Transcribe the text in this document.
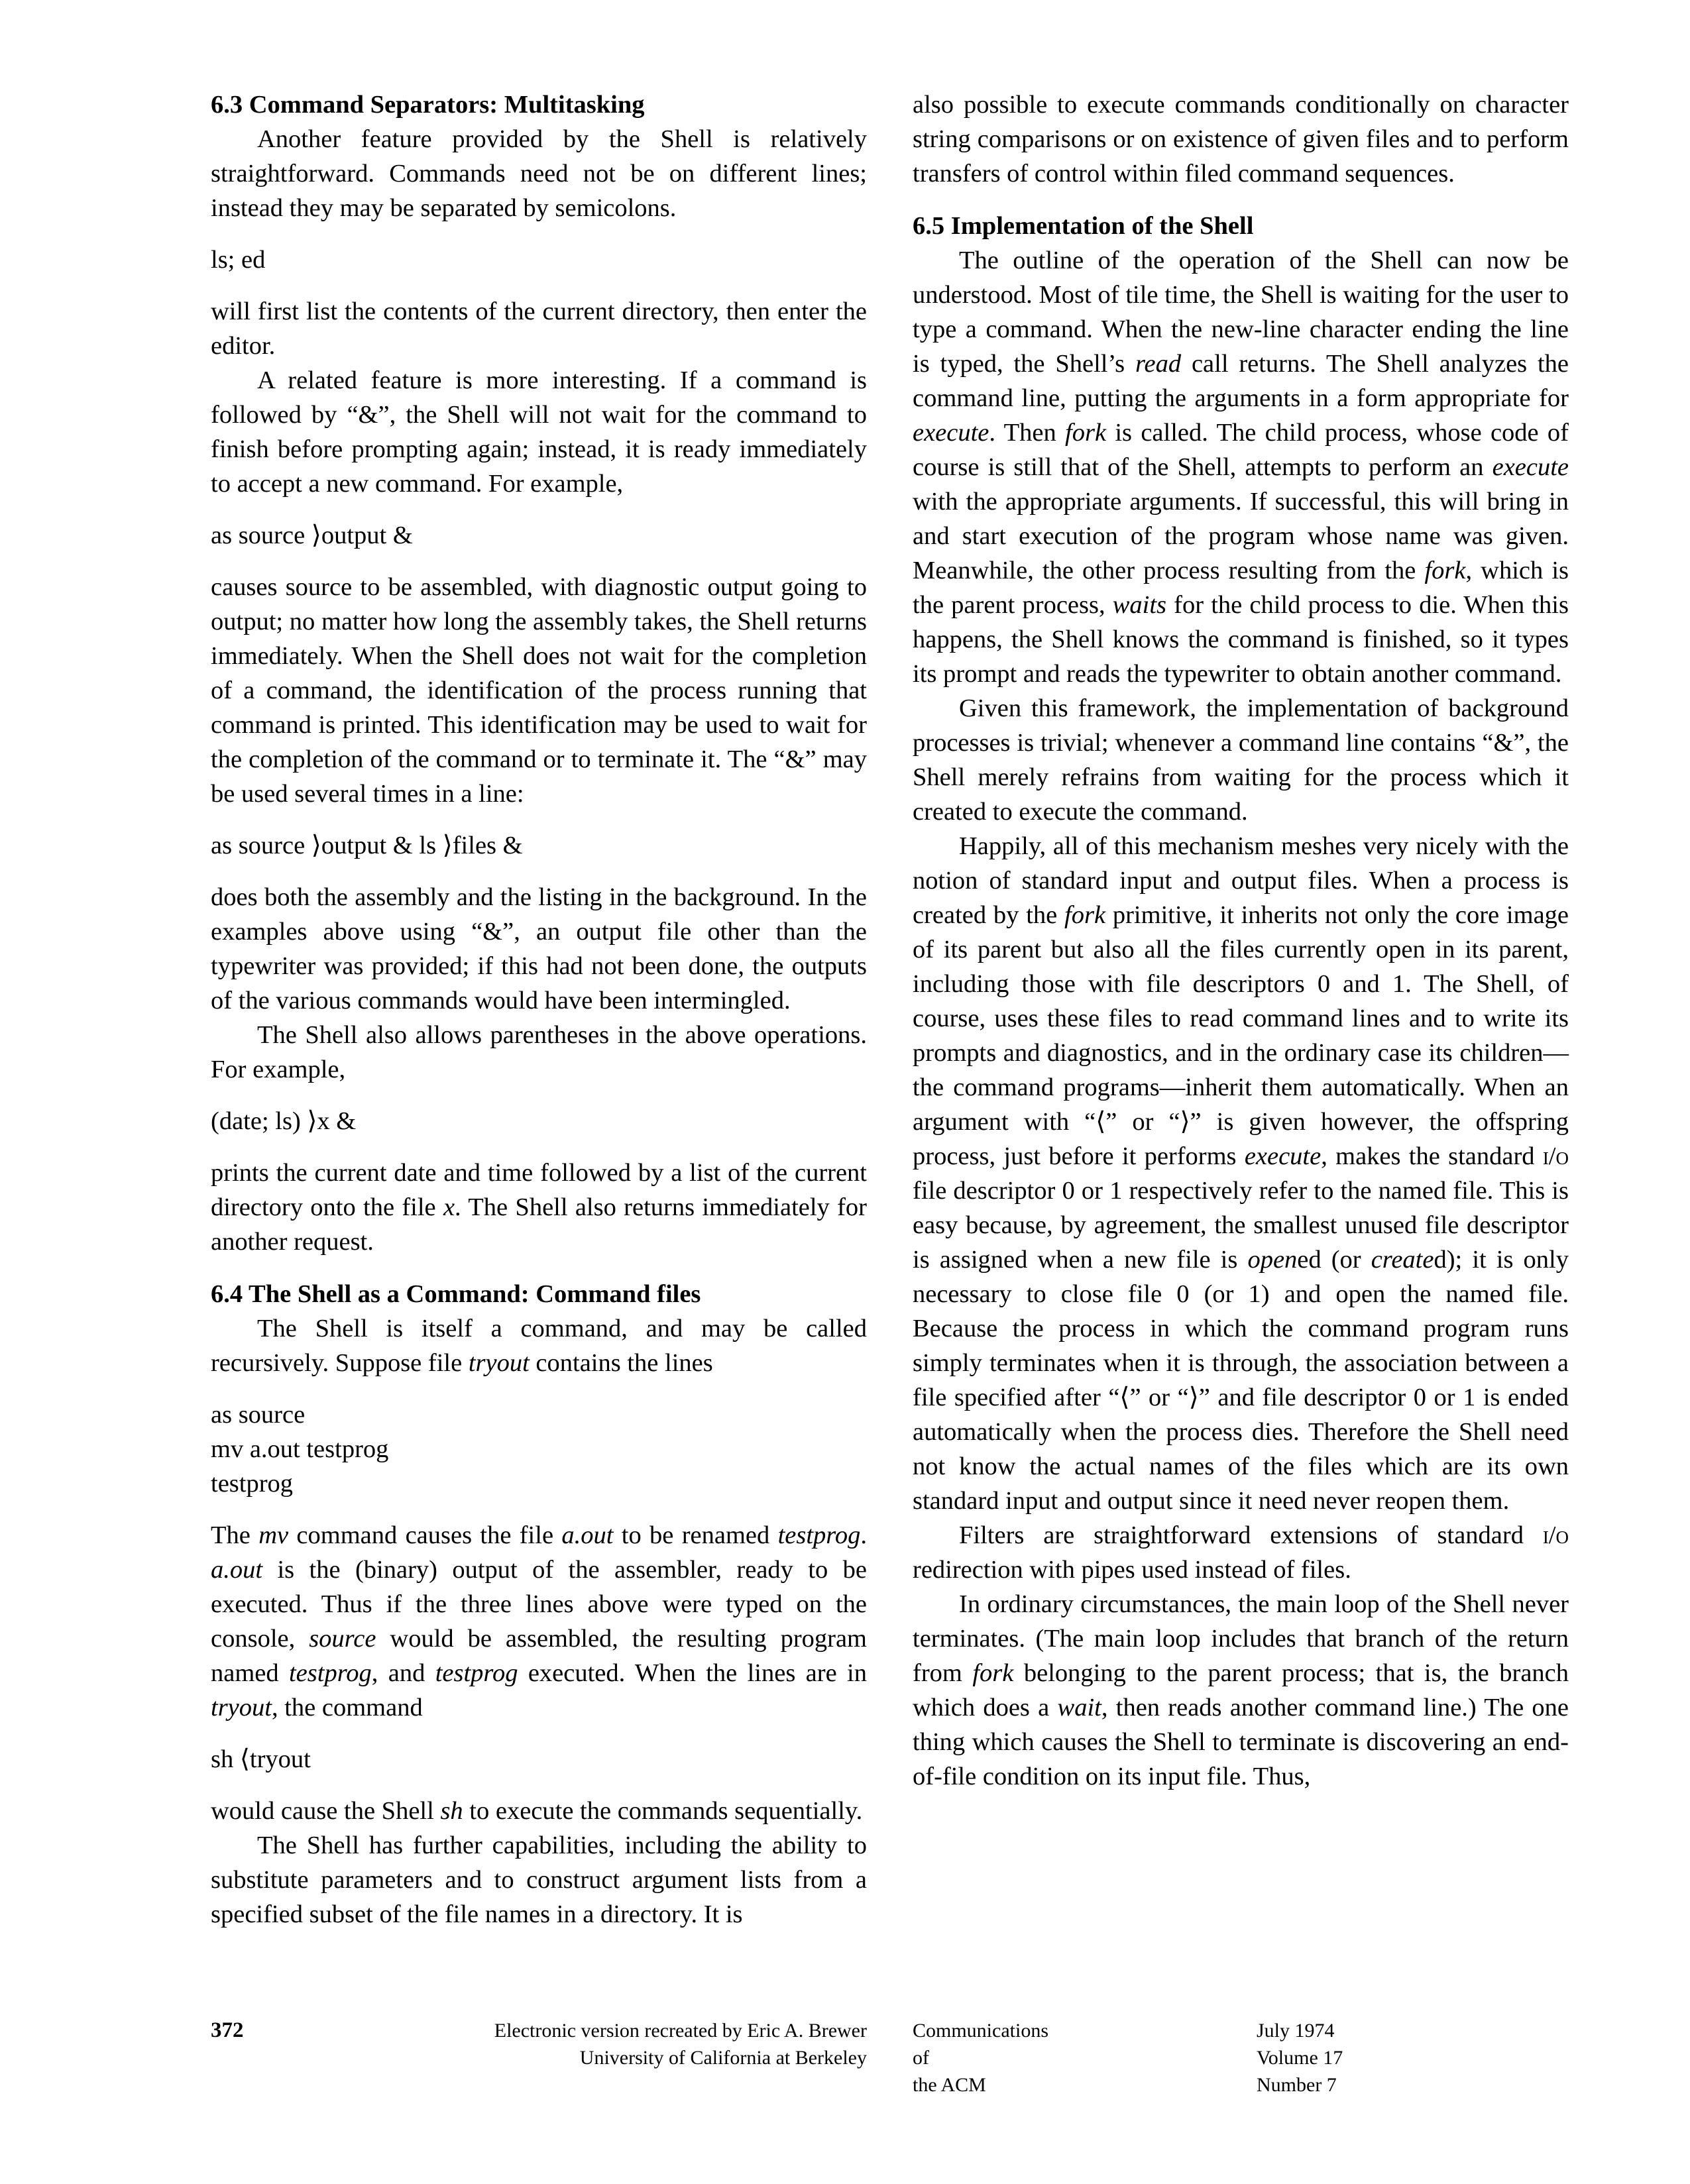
6.3 Command Separators: Multitasking

Another feature provided by the Shell is relatively straightforward. Commands need not be on different lines; instead they may be separated by semicolons.

ls; ed

will first list the contents of the current directory, then enter the editor.

A related feature is more interesting. If a command is followed by “&”, the Shell will not wait for the command to finish before prompting again; instead, it is ready immediately to accept a new command. For example,

as source ⟩output &

causes source to be assembled, with diagnostic output going to output; no matter how long the assembly takes, the Shell returns immediately. When the Shell does not wait for the completion of a command, the identification of the process running that command is printed. This identification may be used to wait for the completion of the command or to terminate it. The “&” may be used several times in a line:

as source ⟩output & ls ⟩files &

does both the assembly and the listing in the background. In the examples above using “&”, an output file other than the typewriter was provided; if this had not been done, the outputs of the various commands would have been intermingled.

The Shell also allows parentheses in the above operations. For example,

(date; ls) ⟩x &

prints the current date and time followed by a list of the current directory onto the file x. The Shell also returns immediately for another request.

6.4 The Shell as a Command: Command files

The Shell is itself a command, and may be called recursively. Suppose file tryout contains the lines

as source
mv a.out testprog
testprog

The mv command causes the file a.out to be renamed testprog. a.out is the (binary) output of the assembler, ready to be executed. Thus if the three lines above were typed on the console, source would be assembled, the resulting program named testprog, and testprog executed. When the lines are in tryout, the command

sh ⟨tryout

would cause the Shell sh to execute the commands sequentially.

The Shell has further capabilities, including the ability to substitute parameters and to construct argument lists from a specified subset of the file names in a directory. It is

also possible to execute commands conditionally on character string comparisons or on existence of given files and to perform transfers of control within filed command sequences.

6.5 Implementation of the Shell

The outline of the operation of the Shell can now be understood. Most of tile time, the Shell is waiting for the user to type a command. When the new-line character ending the line is typed, the Shell’s read call returns. The Shell analyzes the command line, putting the arguments in a form appropriate for execute. Then fork is called. The child process, whose code of course is still that of the Shell, attempts to perform an execute with the appropriate arguments. If successful, this will bring in and start execution of the program whose name was given. Meanwhile, the other process resulting from the fork, which is the parent process, waits for the child process to die. When this happens, the Shell knows the command is finished, so it types its prompt and reads the typewriter to obtain another command.

Given this framework, the implementation of background processes is trivial; whenever a command line contains “&”, the Shell merely refrains from waiting for the process which it created to execute the command.

Happily, all of this mechanism meshes very nicely with the notion of standard input and output files. When a process is created by the fork primitive, it inherits not only the core image of its parent but also all the files currently open in its parent, including those with file descriptors 0 and 1. The Shell, of course, uses these files to read command lines and to write its prompts and diagnostics, and in the ordinary case its children—the command programs—inherit them automatically. When an argument with “⟨” or “⟩” is given however, the offspring process, just before it performs execute, makes the standard i/o file descriptor 0 or 1 respectively refer to the named file. This is easy because, by agreement, the smallest unused file descriptor is assigned when a new file is opened (or created); it is only necessary to close file 0 (or 1) and open the named file. Because the process in which the command program runs simply terminates when it is through, the association between a file specified after “⟨” or “⟩” and file descriptor 0 or 1 is ended automatically when the process dies. Therefore the Shell need not know the actual names of the files which are its own standard input and output since it need never reopen them.

Filters are straightforward extensions of standard i/o redirection with pipes used instead of files.

In ordinary circumstances, the main loop of the Shell never terminates. (The main loop includes that branch of the return from fork belonging to the parent process; that is, the branch which does a wait, then reads another command line.) The one thing which causes the Shell to terminate is discovering an end-of-file condition on its input file. Thus,

372	Electronic version recreated by Eric A. Brewer
University of California at Berkeley
Communications
of
the ACM
July 1974
Volume 17
Number 7
